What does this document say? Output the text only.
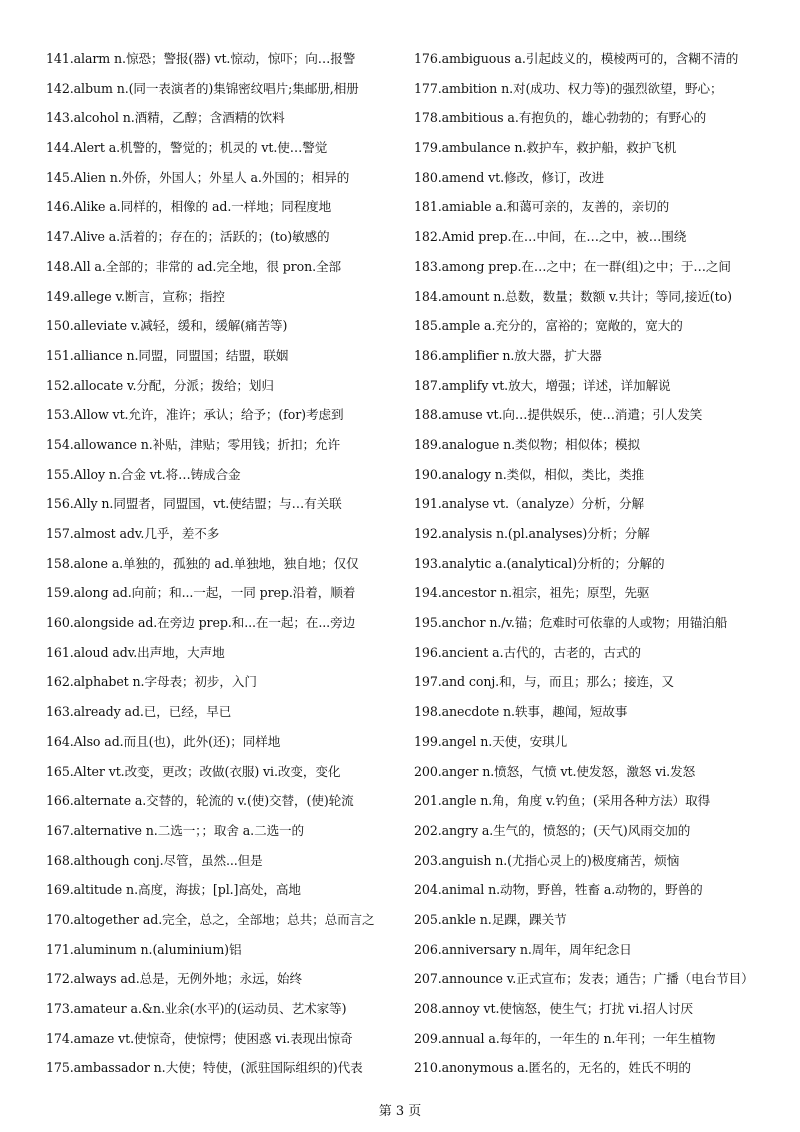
141.alarm n.惊恐；警报(器) vt.惊动，惊吓；向…报警
142.album n.(同一表演者的)集锦密纹唱片;集邮册,相册
143.alcohol n.酒精，乙醇；含酒精的饮料
144.Alert a.机警的，警觉的；机灵的 vt.使…警觉
145.Alien n.外侨，外国人；外星人 a.外国的；相异的
146.Alike a.同样的，相像的 ad.一样地；同程度地
147.Alive a.活着的；存在的；活跃的；(to)敏感的
148.All a.全部的；非常的 ad.完全地，很 pron.全部
149.allege v.断言，宣称；指控
150.alleviate v.减轻，缓和，缓解(痛苦等)
151.alliance n.同盟，同盟国；结盟，联姻
152.allocate v.分配，分派；拨给；划归
153.Allow vt.允许，准许；承认；给予；(for)考虑到
154.allowance n.补贴，津贴；零用钱；折扣；允许
155.Alloy n.合金 vt.将…铸成合金
156.Ally n.同盟者，同盟国，vt.使结盟；与…有关联
157.almost adv.几乎，差不多
158.alone a.单独的，孤独的 ad.单独地，独自地；仅仅
159.along ad.向前；和...一起，一同 prep.沿着，顺着
160.alongside ad.在旁边 prep.和...在一起；在...旁边
161.aloud adv.出声地，大声地
162.alphabet n.字母表；初步，入门
163.already ad.已，已经，早已
164.Also ad.而且(也)，此外(还)；同样地
165.Alter vt.改变，更改；改做(衣服) vi.改变，变化
166.alternate a.交替的，轮流的 v.(使)交替，(使)轮流
167.alternative n.二选一；；取舍 a.二选一的
168.although conj.尽管，虽然...但是
169.altitude n.高度，海拔；[pl.]高处，高地
170.altogether ad.完全，总之，全部地；总共；总而言之
171.aluminum n.(aluminium)铝
172.always ad.总是，无例外地；永远，始终
173.amateur a.&n.业余(水平)的(运动员、艺术家等)
174.amaze vt.使惊奇，使惊愕；使困惑 vi.表现出惊奇
175.ambassador n.大使；特使，(派驻国际组织的)代表
176.ambiguous a.引起歧义的，模棱两可的，含糊不清的
177.ambition n.对(成功、权力等)的强烈欲望，野心；
178.ambitious a.有抱负的，雄心勃勃的；有野心的
179.ambulance n.救护车，救护船，救护飞机
180.amend vt.修改，修订，改进
181.amiable a.和蔼可亲的，友善的，亲切的
182.Amid prep.在…中间，在…之中，被…围绕
183.among prep.在…之中；在一群(组)之中；于…之间
184.amount n.总数，数量；数额 v.共计；等同,接近(to)
185.ample a.充分的，富裕的；宽敞的，宽大的
186.amplifier n.放大器，扩大器
187.amplify vt.放大，增强；详述，详加解说
188.amuse vt.向…提供娱乐，使…消遣；引人发笑
189.analogue n.类似物；相似体；模拟
190.analogy n.类似，相似，类比，类推
191.analyse vt.（analyze）分析，分解
192.analysis n.(pl.analyses)分析；分解
193.analytic a.(analytical)分析的；分解的
194.ancestor n.祖宗，祖先；原型，先驱
195.anchor n./v.锚；危难时可依靠的人或物；用锚泊船
196.ancient a.古代的，古老的，古式的
197.and conj.和，与，而且；那么；接连，又
198.anecdote n.轶事，趣闻，短故事
199.angel n.天使，安琪儿
200.anger n.愤怒，气愤 vt.使发怒，激怒 vi.发怒
201.angle n.角，角度 v.钓鱼；(采用各种方法）取得
202.angry a.生气的，愤怒的；(天气)风雨交加的
203.anguish n.(尤指心灵上的)极度痛苦，烦恼
204.animal n.动物，野兽，牲畜 a.动物的，野兽的
205.ankle n.足踝，踝关节
206.anniversary n.周年，周年纪念日
207.announce v.正式宣布；发表；通告；广播（电台节目）
208.annoy vt.使恼怒，使生气；打扰 vi.招人讨厌
209.annual a.每年的，一年生的 n.年刊；一年生植物
210.anonymous a.匿名的，无名的，姓氏不明的
第 3 页
